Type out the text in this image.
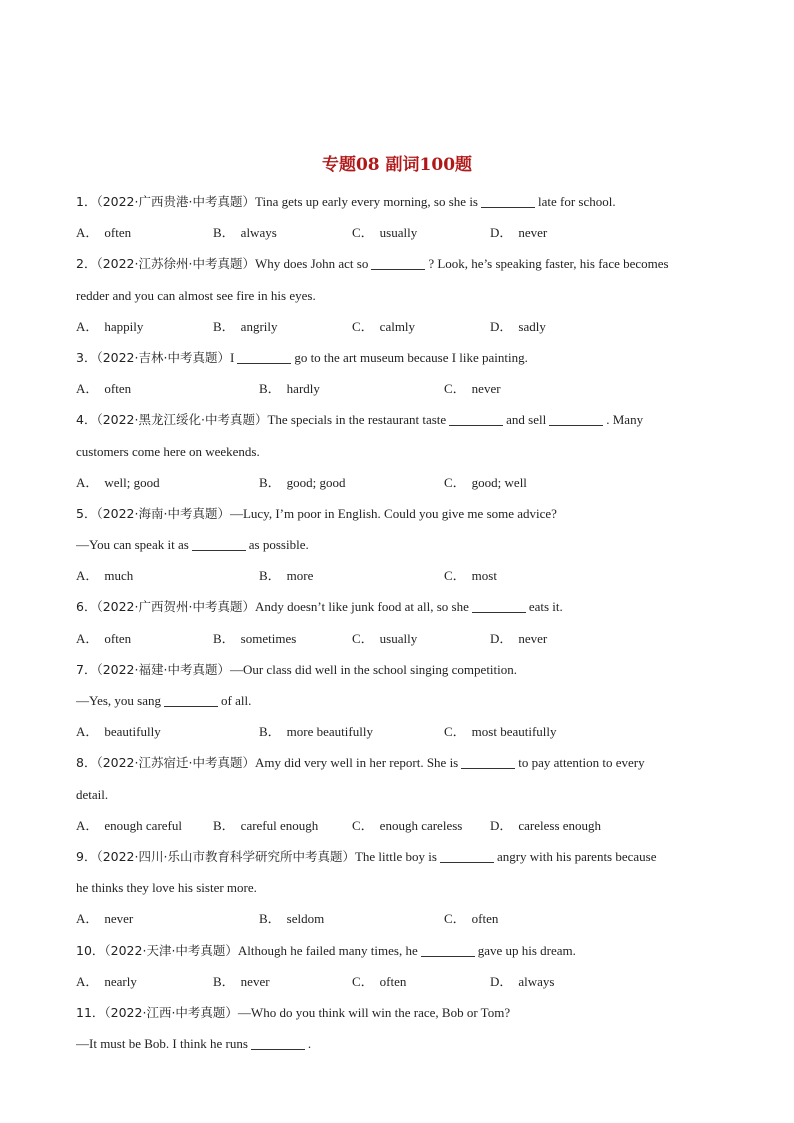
专题08 副词100题
1．（2022·广西贵港·中考真题）Tina gets up early every morning, so she is	late for school.
A． often	B． always	C． usually	D． never
2．（2022·江苏徐州·中考真题）Why does John act so	? Look, he’s speaking faster, his face becomes
redder and you can almost see fire in his eyes.
A． happily	B． angrily	C． calmly	D． sadly
3．（2022·吉林·中考真题）I	go to the art museum because I like painting.
A． often	B． hardly	C． never
4．（2022·黑龙江绥化·中考真题）The specials in the restaurant taste	and sell	. Many
customers come here on weekends.
A． well; good	B． good; good	C． good; well
5．（2022·海南·中考真题）—Lucy, I’m poor in English. Could you give me some advice?
—You can speak it as	as possible.
A． much	B． more	C． most
6．（2022·广西贺州·中考真题）Andy doesn’t like junk food at all, so she	eats it.
A． often	B． sometimes	C． usually	D． never
7．（2022·福建·中考真题）—Our class did well in the school singing competition.
—Yes, you sang	of all.
A． beautifully	B． more beautifully	C． most beautifully
8．（2022·江苏宿迁·中考真题）Amy did very well in her report. She is	to pay attention to every
detail.
A． enough careful B． careful enough	C． enough careless D． careless enough
9．（2022·四川·乐山市教育科学研究所中考真题）The little boy is	angry with his parents because
he thinks they love his sister more.
A． never	B． seldom	C． often
10．（2022·天津·中考真题）Although he failed many times, he	gave up his dream.
A． nearly	B． never	C． often	D． always
11．（2022·江西·中考真题）—Who do you think will win the race, Bob or Tom?
—It must be Bob. I think he runs	.
